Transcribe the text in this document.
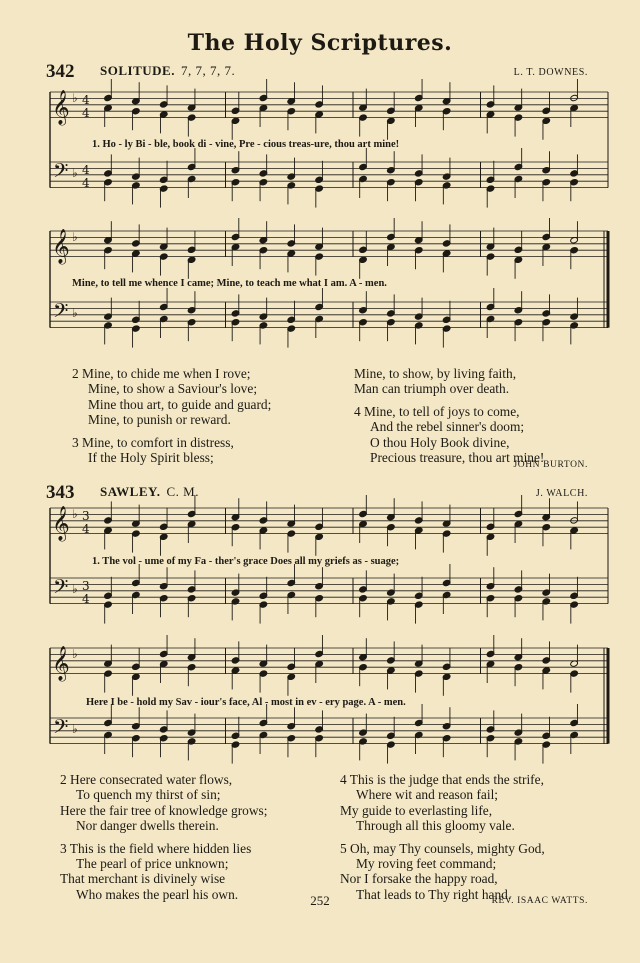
The Holy Scriptures.
342 SOLITUDE. 7, 7, 7, 7.	L. T. DOWNES.
𝄞
𝄢
♭
♭
4
4
4
4
𝄞
𝄢
♭
♭
𝄞
𝄢
♭
♭
3
4
3
4
𝄞
𝄢
♭
♭
1. Ho - ly Bi - ble, book di - vine, Pre - cious treas-ure, thou art mine!
Mine, to tell me whence I came; Mine, to teach me what I am. A - men.
2 Mine, to chide me when I rove;
Mine, to show a Saviour's love;
Mine thou art, to guide and guard;
Mine, to punish or reward.
3 Mine, to comfort in distress,
If the Holy Spirit bless;
Mine, to show, by living faith,
Man can triumph over death.
4 Mine, to tell of joys to come,
And the rebel sinner's doom;
O thou Holy Book divine,
Precious treasure, thou art mine!
JOHN BURTON.
343 SAWLEY. C. M.	J. WALCH.
1. The vol - ume of my Fa - ther's grace Does all my griefs as - suage;
Here I be - hold my Sav - iour's face, Al - most in ev - ery page. A - men.
2 Here consecrated water flows,
To quench my thirst of sin;
Here the fair tree of knowledge grows;
Nor danger dwells therein.
3 This is the field where hidden lies
The pearl of price unknown;
That merchant is divinely wise
Who makes the pearl his own.
4 This is the judge that ends the strife,
Where wit and reason fail;
My guide to everlasting life,
Through all this gloomy vale.
5 Oh, may Thy counsels, mighty God,
My roving feet command;
Nor I forsake the happy road,
That leads to Thy right hand.
252	REV. ISAAC WATTS.
